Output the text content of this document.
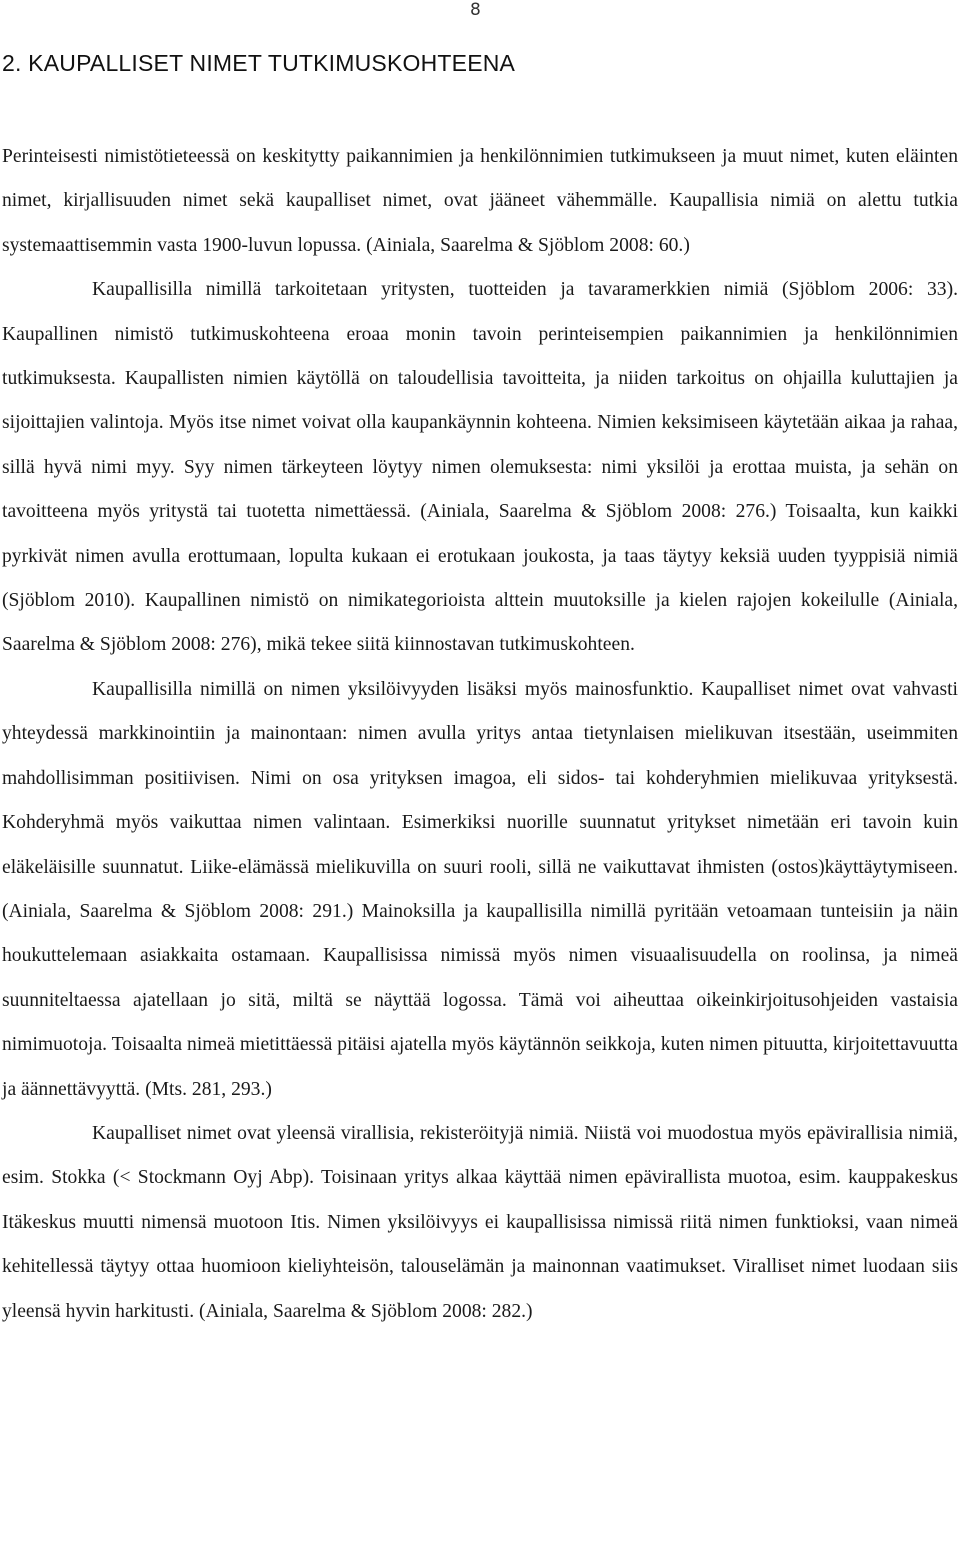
8
2. KAUPALLISET NIMET TUTKIMUSKOHTEENA

Perinteisesti nimistötieteessä on keskitytty paikannimien ja henkilönnimien tutkimukseen ja muut nimet, kuten eläinten nimet, kirjallisuuden nimet sekä kaupalliset nimet, ovat jääneet vähemmälle. Kaupallisia nimiä on alettu tutkia systemaattisemmin vasta 1900-luvun lopussa. (Ainiala, Saarelma & Sjöblom 2008: 60.)

Kaupallisilla nimillä tarkoitetaan yritysten, tuotteiden ja tavaramerkkien nimiä (Sjöblom 2006: 33). Kaupallinen nimistö tutkimuskohteena eroaa monin tavoin perinteisempien paikannimien ja henkilönnimien tutkimuksesta. Kaupallisten nimien käytöllä on taloudellisia tavoitteita, ja niiden tarkoitus on ohjailla kuluttajien ja sijoittajien valintoja. Myös itse nimet voivat olla kaupankäynnin kohteena. Nimien keksimiseen käytetään aikaa ja rahaa, sillä hyvä nimi myy. Syy nimen tärkeyteen löytyy nimen olemuksesta: nimi yksilöi ja erottaa muista, ja sehän on tavoitteena myös yritystä tai tuotetta nimettäessä. (Ainiala, Saarelma & Sjöblom 2008: 276.) Toisaalta, kun kaikki pyrkivät nimen avulla erottumaan, lopulta kukaan ei erotukaan joukosta, ja taas täytyy keksiä uuden tyyppisiä nimiä (Sjöblom 2010). Kaupallinen nimistö on nimikategorioista alttein muutoksille ja kielen rajojen kokeilulle (Ainiala, Saarelma & Sjöblom 2008: 276), mikä tekee siitä kiinnostavan tutkimuskohteen.

Kaupallisilla nimillä on nimen yksilöivyyden lisäksi myös mainosfunktio. Kaupalliset nimet ovat vahvasti yhteydessä markkinointiin ja mainontaan: nimen avulla yritys antaa tietynlaisen mielikuvan itsestään, useimmiten mahdollisimman positiivisen. Nimi on osa yrityksen imagoa, eli sidos- tai kohderyhmien mielikuvaa yrityksestä. Kohderyhmä myös vaikuttaa nimen valintaan. Esimerkiksi nuorille suunnatut yritykset nimetään eri tavoin kuin eläkeläisille suunnatut. Liike-elämässä mielikuvilla on suuri rooli, sillä ne vaikuttavat ihmisten (ostos)käyttäytymiseen. (Ainiala, Saarelma & Sjöblom 2008: 291.) Mainoksilla ja kaupallisilla nimillä pyritään vetoamaan tunteisiin ja näin houkuttelemaan asiakkaita ostamaan. Kaupallisissa nimissä myös nimen visuaalisuudella on roolinsa, ja nimeä suunniteltaessa ajatellaan jo sitä, miltä se näyttää logossa. Tämä voi aiheuttaa oikeinkirjoitusohjeiden vastaisia nimimuotoja. Toisaalta nimeä mietittäessä pitäisi ajatella myös käytännön seikkoja, kuten nimen pituutta, kirjoitettavuutta ja äännettävyyttä. (Mts. 281, 293.)

Kaupalliset nimet ovat yleensä virallisia, rekisteröityjä nimiä. Niistä voi muodostua myös epävirallisia nimiä, esim. Stokka (< Stockmann Oyj Abp). Toisinaan yritys alkaa käyttää nimen epävirallista muotoa, esim. kauppakeskus Itäkeskus muutti nimensä muotoon Itis. Nimen yksilöivyys ei kaupallisissa nimissä riitä nimen funktioksi, vaan nimeä kehitellessä täytyy ottaa huomioon kieliyhteisön, talouselämän ja mainonnan vaatimukset. Viralliset nimet luodaan siis yleensä hyvin harkitusti. (Ainiala, Saarelma & Sjöblom 2008: 282.)
